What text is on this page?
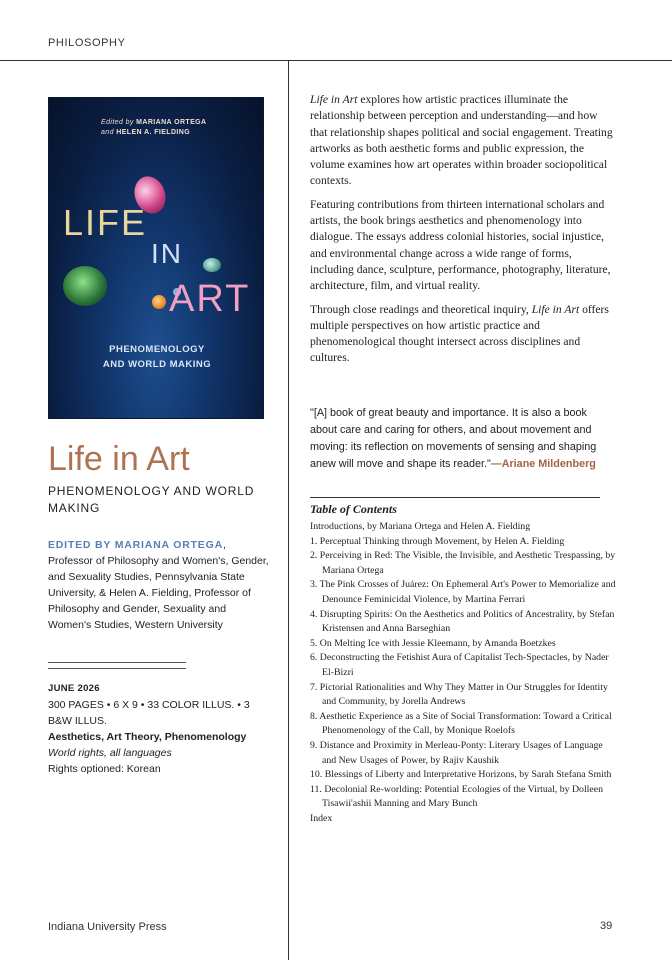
PHILOSOPHY
Edited by MARIANA ORTEGA
and HELEN A. FIELDING
LIFE
IN
ART
PHENOMENOLOGY
AND WORLD MAKING
Life in Art
PHENOMENOLOGY AND WORLD MAKING
EDITED BY MARIANA ORTEGA, Professor of Philosophy and Women's, Gender, and Sexuality Studies, Pennsylvania State University, & Helen A. Fielding, Professor of Philosophy and Gender, Sexuality and Women's Studies, Western University
JUNE 2026
300 PAGES • 6 X 9 • 33 COLOR ILLUS. • 3 B&W ILLUS.
Aesthetics, Art Theory, Phenomenology
World rights, all languages
Rights optioned: Korean

Life in Art explores how artistic practices illuminate the relationship between perception and understanding—and how that relationship shapes political and social engagement. Treating artworks as both aesthetic forms and public expression, the volume examines how art operates within broader sociopolitical contexts.

Featuring contributions from thirteen international scholars and artists, the book brings aesthetics and phenomenology into dialogue. The essays address colonial histories, social injustice, and environmental change across a wide range of forms, including dance, sculpture, performance, photography, literature, architecture, film, and virtual reality.

Through close readings and theoretical inquiry, Life in Art offers multiple perspectives on how artistic practice and phenomenological thought intersect across disciplines and cultures.

"[A] book of great beauty and importance. It is also a book about care and caring for others, and about movement and moving: its reflection on movements of sensing and shaping anew will move and shape its reader."—Ariane Mildenberg
Table of Contents
Introductions, by Mariana Ortega and Helen A. Fielding
1. Perceptual Thinking through Movement, by Helen A. Fielding
2. Perceiving in Red: The Visible, the Invisible, and Aesthetic Trespassing, by Mariana Ortega
3. The Pink Crosses of Juárez: On Ephemeral Art's Power to Memorialize and Denounce Feminicidal Violence, by Martina Ferrari
4. Disrupting Spirits: On the Aesthetics and Politics of Ancestrality, by Stefan Kristensen and Anna Barseghian
5. On Melting Ice with Jessie Kleemann, by Amanda Boetzkes
6. Deconstructing the Fetishist Aura of Capitalist Tech-Spectacles, by Nader El-Bizri
7. Pictorial Rationalities and Why They Matter in Our Struggles for Identity and Community, by Jorella Andrews
8. Aesthetic Experience as a Site of Social Transformation: Toward a Critical Phenomenology of the Call, by Monique Roelofs
9. Distance and Proximity in Merleau-Ponty: Literary Usages of Language and New Usages of Power, by Rajiv Kaushik
10. Blessings of Liberty and Interpretative Horizons, by Sarah Stefana Smith
11. Decolonial Re-worlding: Potential Ecologies of the Virtual, by Dolleen Tisawii'ashii Manning and Mary Bunch
Index
Indiana University Press	39
